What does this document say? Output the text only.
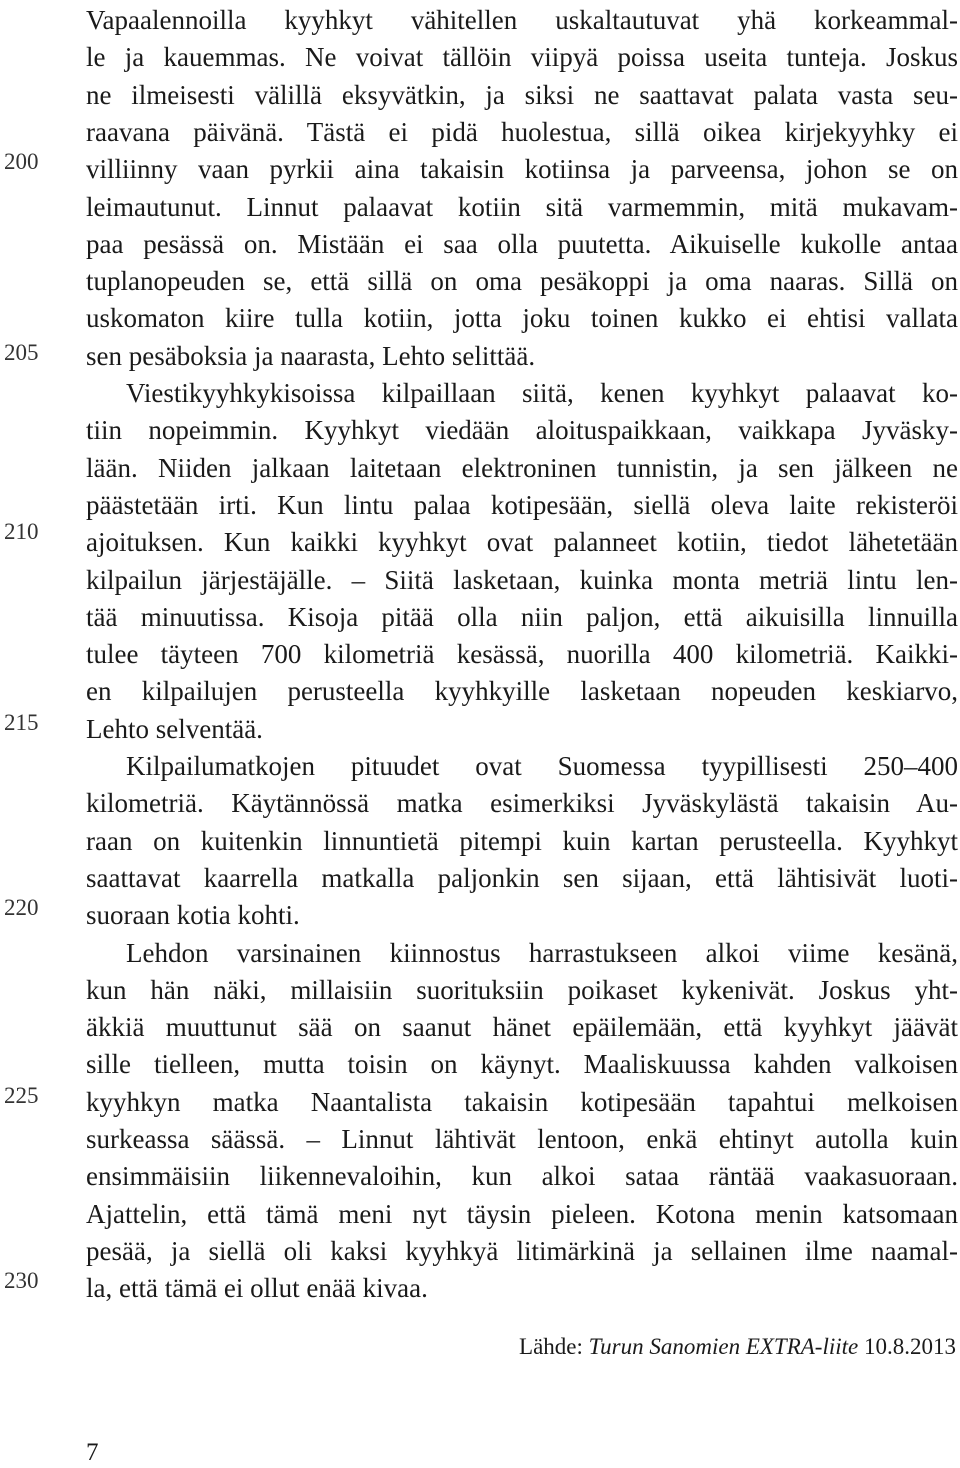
Vapaalennoilla kyyhkyt vähitellen uskaltautuvat yhä korkeammal-
le ja kauemmas. Ne voivat tällöin viipyä poissa useita tunteja. Joskus
ne ilmeisesti välillä eksyvätkin, ja siksi ne saattavat palata vasta seu-
raavana päivänä. Tästä ei pidä huolestua, sillä oikea kirjekyyhky ei
villiinny vaan pyrkii aina takaisin kotiinsa ja parveensa, johon se on
leimautunut. Linnut palaavat kotiin sitä varmemmin, mitä mukavam-
paa pesässä on. Mistään ei saa olla puutetta. Aikuiselle kukolle antaa
tuplanopeuden se, että sillä on oma pesäkoppi ja oma naaras. Sillä on
uskomaton kiire tulla kotiin, jotta joku toinen kukko ei ehtisi vallata
sen pesäboksia ja naarasta, Lehto selittää.
Viestikyyhkykisoissa kilpaillaan siitä, kenen kyyhkyt palaavat ko-
tiin nopeimmin. Kyyhkyt viedään aloituspaikkaan, vaikkapa Jyväsky-
lään. Niiden jalkaan laitetaan elektroninen tunnistin, ja sen jälkeen ne
päästetään irti. Kun lintu palaa kotipesään, siellä oleva laite rekisteröi
ajoituksen. Kun kaikki kyyhkyt ovat palanneet kotiin, tiedot lähetetään
kilpailun järjestäjälle. – Siitä lasketaan, kuinka monta metriä lintu len-
tää minuutissa. Kisoja pitää olla niin paljon, että aikuisilla linnuilla
tulee täyteen 700 kilometriä kesässä, nuorilla 400 kilometriä. Kaikki-
en kilpailujen perusteella kyyhkyille lasketaan nopeuden keskiarvo,
Lehto selventää.
Kilpailumatkojen pituudet ovat Suomessa tyypillisesti 250–400
kilometriä. Käytännössä matka esimerkiksi Jyväskylästä takaisin Au-
raan on kuitenkin linnuntietä pitempi kuin kartan perusteella. Kyyhkyt
saattavat kaarrella matkalla paljonkin sen sijaan, että lähtisivät luoti-
suoraan kotia kohti.
Lehdon varsinainen kiinnostus harrastukseen alkoi viime kesänä,
kun hän näki, millaisiin suorituksiin poikaset kykenivät. Joskus yht-
äkkiä muuttunut sää on saanut hänet epäilemään, että kyyhkyt jäävät
sille tielleen, mutta toisin on käynyt. Maaliskuussa kahden valkoisen
kyyhkyn matka Naantalista takaisin kotipesään tapahtui melkoisen
surkeassa säässä. – Linnut lähtivät lentoon, enkä ehtinyt autolla kuin
ensimmäisiin liikennevaloihin, kun alkoi sataa räntää vaakasuoraan.
Ajattelin, että tämä meni nyt täysin pieleen. Kotona menin katsomaan
pesää, ja siellä oli kaksi kyyhkyä litimärkinä ja sellainen ilme naamal-
la, että tämä ei ollut enää kivaa.
200
205
210
215
220
225
230
Lähde: Turun Sanomien EXTRA-liite 10.8.2013
7
